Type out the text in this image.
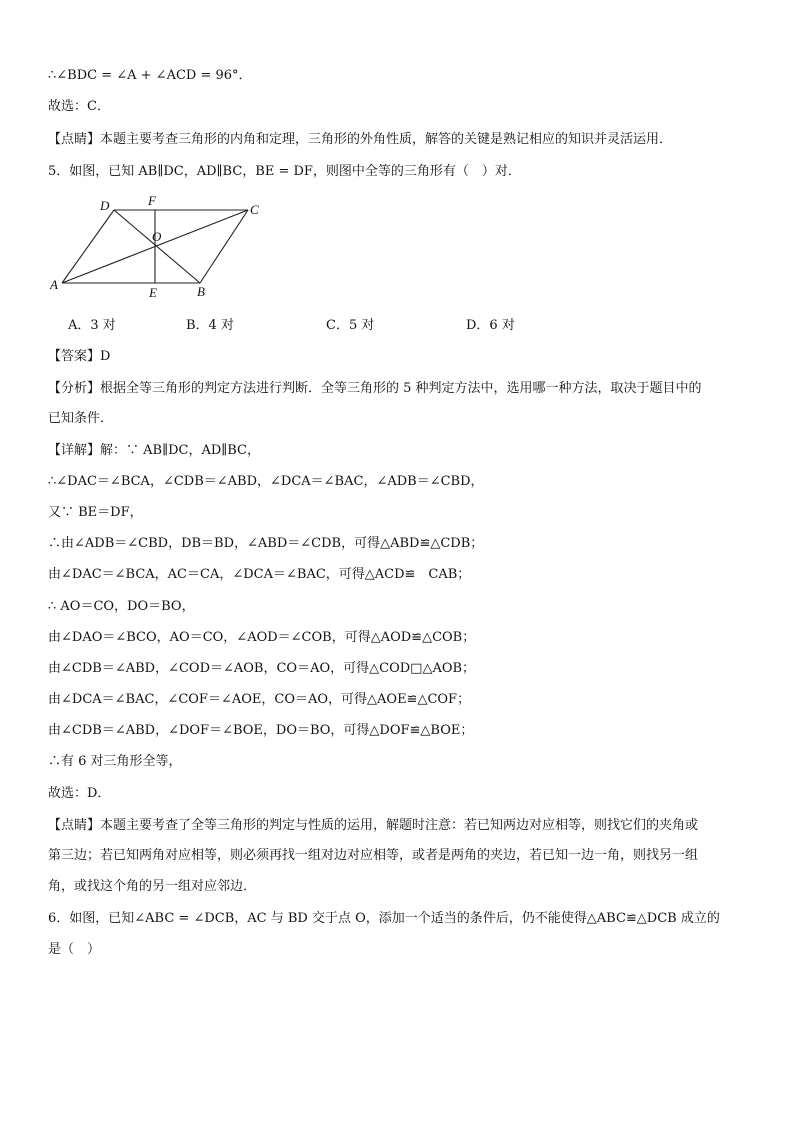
∴∠BDC = ∠A + ∠ACD = 96°．
故选：C．
【点睛】本题主要考查三角形的内角和定理，三角形的外角性质，解答的关键是熟记相应的知识并灵活运用．
5．如图，已知 AB∥DC，AD∥BC，BE = DF，则图中全等的三角形有（　）对．
A	B
C
D
E
F
O
A．3 对	B．4 对	C．5 对	D．6 对
【答案】D
【分析】根据全等三角形的判定方法进行判断．全等三角形的 5 种判定方法中，选用哪一种方法，取决于题目中的
已知条件．
【详解】解：∵ AB∥DC，AD∥BC，
∴∠DAC＝∠BCA，∠CDB＝∠ABD，∠DCA＝∠BAC，∠ADB＝∠CBD，
又∵ BE＝DF，
∴由∠ADB＝∠CBD，DB＝BD，∠ABD＝∠CDB，可得△ABD≌△CDB；
由∠DAC＝∠BCA，AC＝CA，∠DCA＝∠BAC，可得△ACD≌　CAB；
∴ AO＝CO，DO＝BO，
由∠DAO＝∠BCO，AO＝CO，∠AOD＝∠COB，可得△AOD≌△COB；
由∠CDB＝∠ABD，∠COD＝∠AOB，CO＝AO，可得△COD□△AOB；
由∠DCA＝∠BAC，∠COF＝∠AOE，CO＝AO，可得△AOE≌△COF；
由∠CDB＝∠ABD，∠DOF＝∠BOE，DO＝BO，可得△DOF≌△BOE；
∴有 6 对三角形全等，
故选：D．
【点睛】本题主要考查了全等三角形的判定与性质的运用，解题时注意：若已知两边对应相等，则找它们的夹角或
第三边；若已知两角对应相等，则必须再找一组对边对应相等，或者是两角的夹边，若已知一边一角，则找另一组
角，或找这个角的另一组对应邻边．
6．如图，已知∠ABC = ∠DCB，AC 与 BD 交于点 O，添加一个适当的条件后，仍不能使得△ABC≌△DCB 成立的
是（　）
